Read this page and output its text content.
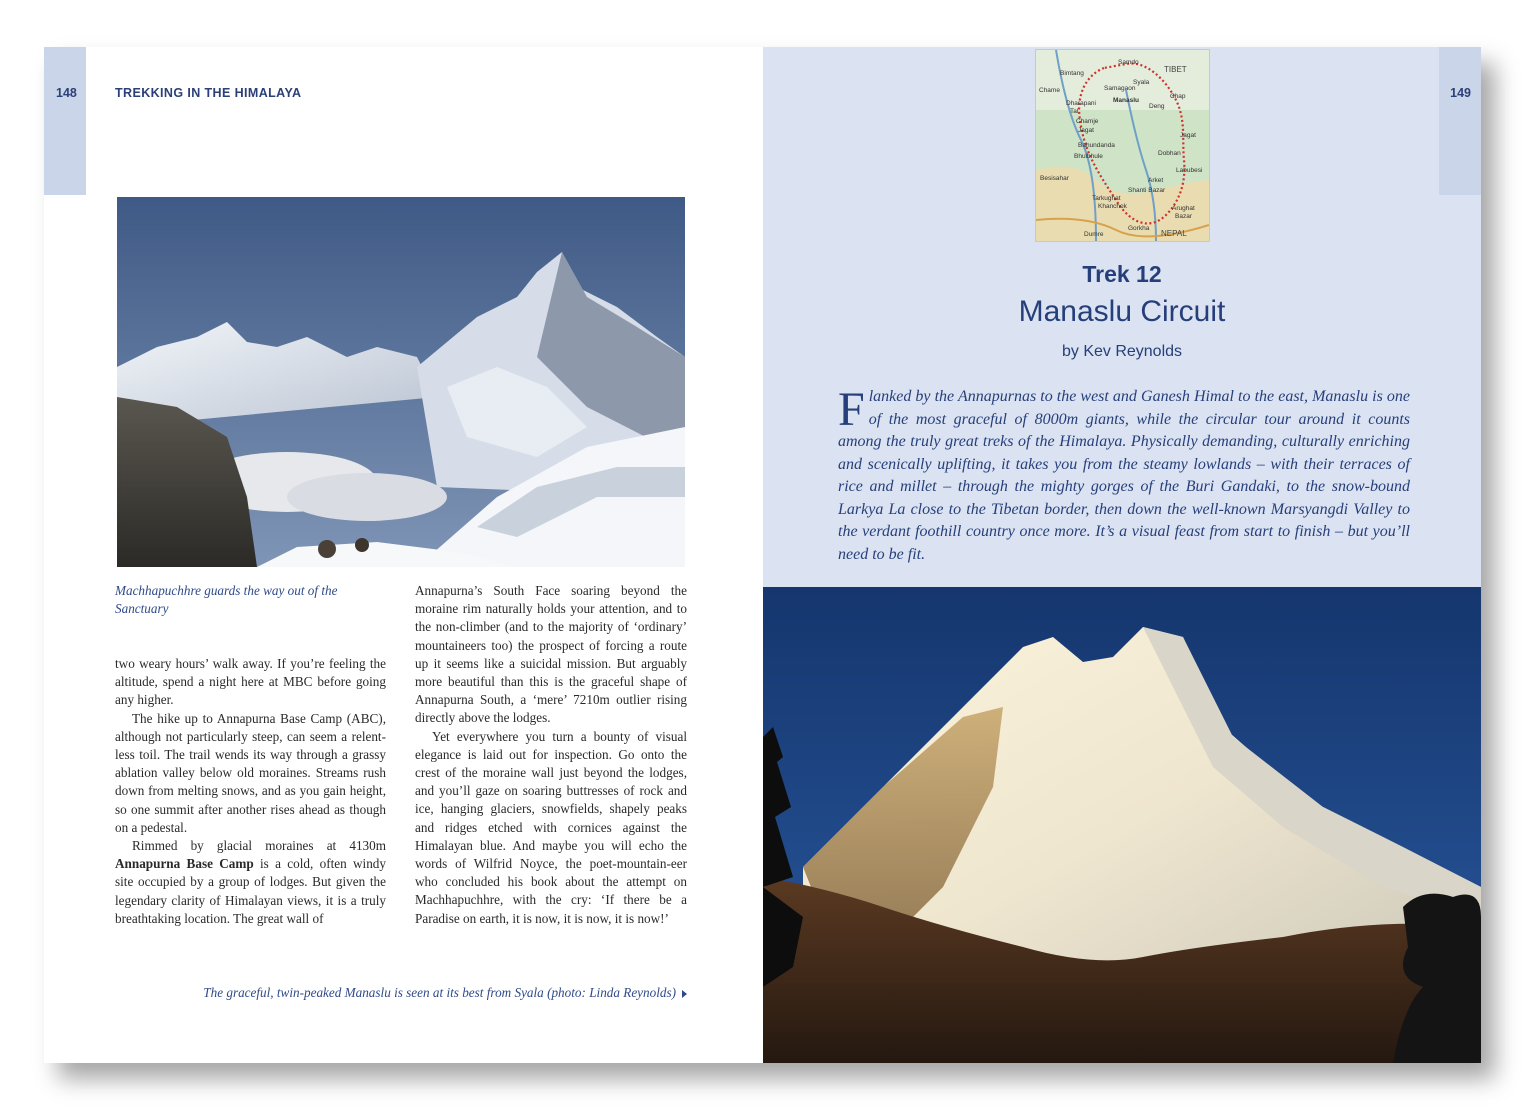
148	TREKKING IN THE HIMALAYA
Machhapuchhre guards the way out of the
Sanctuary

two weary hours’ walk away. If you’re feeling the altitude, spend a night here at MBC before going any higher.

The hike up to Annapurna Base Camp (ABC), although not particularly steep, can seem a relent-less toil. The trail wends its way through a grassy ablation valley below old moraines. Streams rush down from melting snows, and as you gain height, so one summit after another rises ahead as though on a pedestal.

Rimmed by glacial moraines at 4130m Annapurna Base Camp is a cold, often windy site occupied by a group of lodges. But given the legendary clarity of Himalayan views, it is a truly breathtaking location. The great wall of

Annapurna’s South Face soaring beyond the moraine rim naturally holds your attention, and to the non-climber (and to the majority of ‘ordinary’ mountaineers too) the prospect of forcing a route up it seems like a suicidal mission. But arguably more beautiful than this is the graceful shape of Annapurna South, a ‘mere’ 7210m outlier rising directly above the lodges.

Yet everywhere you turn a bounty of visual elegance is laid out for inspection. Go onto the crest of the moraine wall just beyond the lodges, and you’ll gaze on soaring buttresses of rock and ice, hanging glaciers, snowfields, shapely peaks and ridges etched with cornices against the Himalayan blue. And maybe you will echo the words of Wilfrid Noyce, the poet-mountain-eer who concluded his book about the attempt on Machhapuchhre, with the cry: ‘If there be a Paradise on earth, it is now, it is now, it is now!’

The graceful, twin-peaked Manaslu is seen at its best from Syala (photo: Linda Reynolds)
149
Samdo
Bimtang	TIBET
Syala
Chame	Samagaon
Chap
Manaslu
Dharapani
Tal
Deng
Chamje
Jagat
Jagat
Bahundanda
Bhulbhule	Dobhan
Labubesi
Besisahar	Arket
Shanti Bazar
Tarkughat
Khanchok	Arughat
Bazar
Dumre
Gorkha
NEPAL
Trek 12
Manaslu Circuit
by Kev Reynolds
Flanked by the Annapurnas to the west and Ganesh Himal to the east, Manaslu is one of the most graceful of 8000m giants, while the circular tour around it counts among the truly great treks of the Himalaya. Physically demanding, culturally enriching and scenically uplifting, it takes you from the steamy lowlands – with their terraces of rice and millet – through the mighty gorges of the Buri Gandaki, to the snow-bound Larkya La close to the Tibetan border, then down the well-known Marsyangdi Valley to the verdant foothill country once more. It’s a visual feast from start to finish – but you’ll need to be fit.
